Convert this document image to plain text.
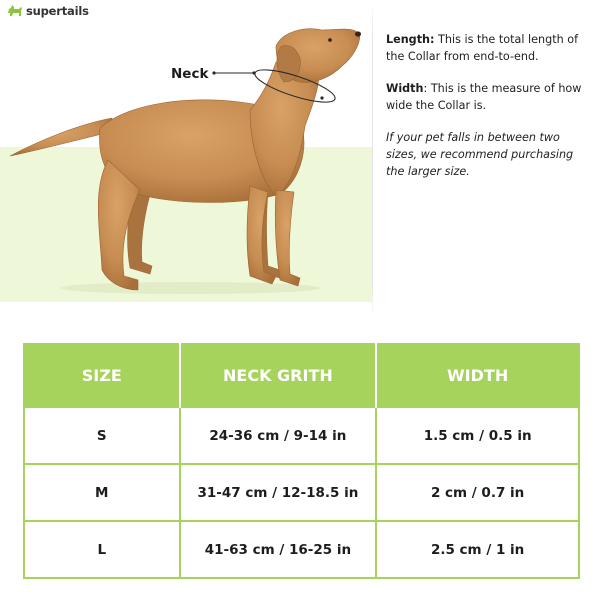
supertails
Neck

Length: This is the total length of the Collar from end-to-end.

Width: This is the measure of how wide the Collar is.

If your pet falls in between two sizes, we recommend purchasing the larger size.

SIZE	NECK GRITH	WIDTH
S	24-36 cm / 9-14 in	1.5 cm / 0.5 in
M	31-47 cm / 12-18.5 in	2 cm / 0.7 in
L	41-63 cm / 16-25 in	2.5 cm / 1 in
